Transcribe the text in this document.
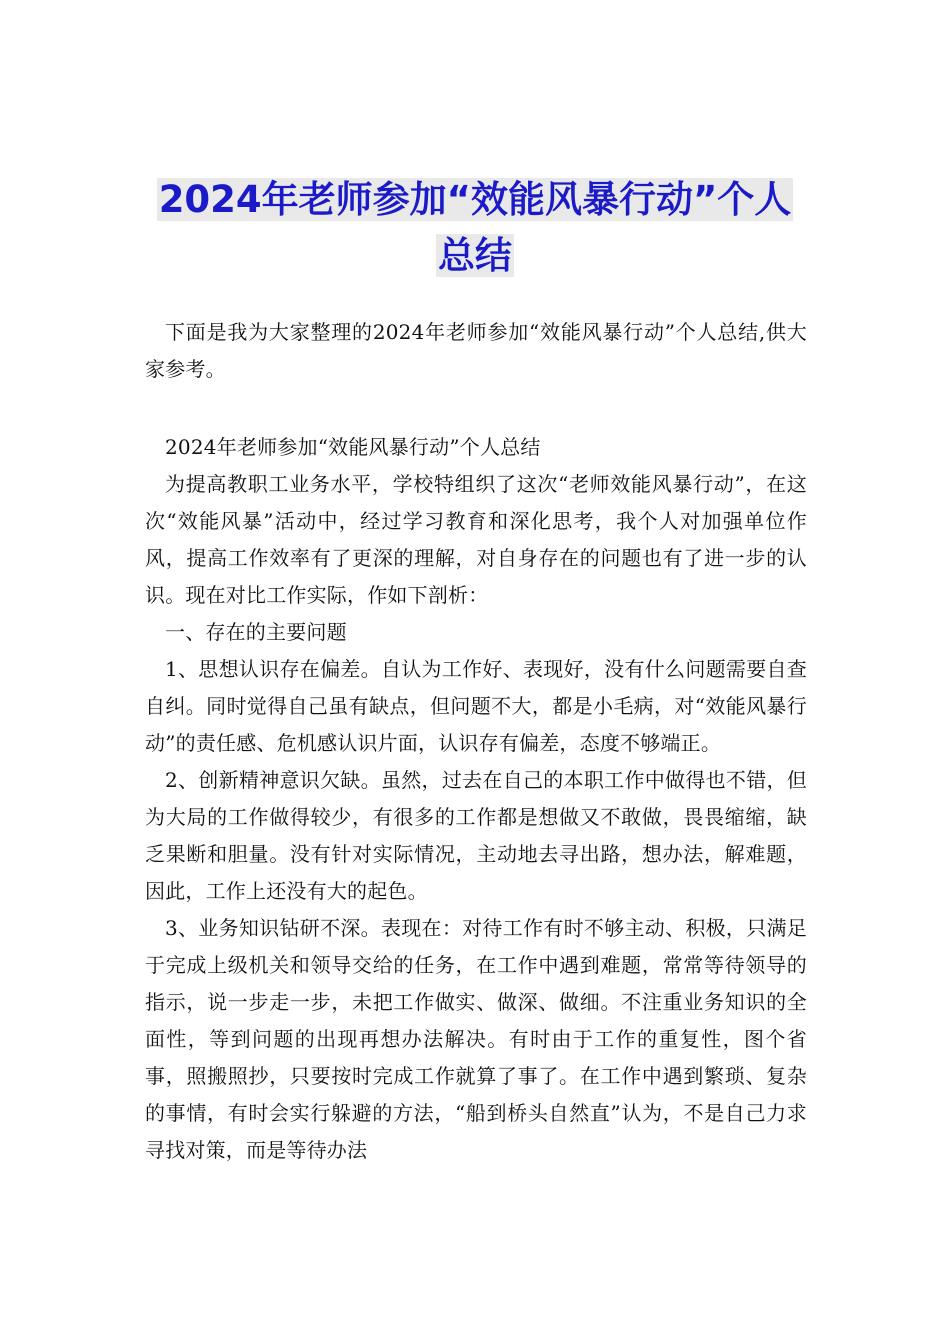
2024年老师参加“效能风暴行动”个人
总结

下面是我为大家整理的2024年老师参加“效能风暴行动”个人总结,供大家参考。

2024年老师参加“效能风暴行动”个人总结

为提高教职工业务水平，学校特组织了这次“老师效能风暴行动”，在这次“效能风暴”活动中，经过学习教育和深化思考，我个人对加强单位作风，提高工作效率有了更深的理解，对自身存在的问题也有了进一步的认识。现在对比工作实际，作如下剖析：

一、存在的主要问题

1、思想认识存在偏差。自认为工作好、表现好，没有什么问题需要自查自纠。同时觉得自己虽有缺点，但问题不大，都是小毛病，对“效能风暴行动”的责任感、危机感认识片面，认识存有偏差，态度不够端正。

2、创新精神意识欠缺。虽然，过去在自己的本职工作中做得也不错，但为大局的工作做得较少，有很多的工作都是想做又不敢做，畏畏缩缩，缺乏果断和胆量。没有针对实际情况，主动地去寻出路，想办法，解难题，因此，工作上还没有大的起色。

3、业务知识钻研不深。表现在：对待工作有时不够主动、积极，只满足于完成上级机关和领导交给的任务，在工作中遇到难题，常常等待领导的指示，说一步走一步，未把工作做实、做深、做细。不注重业务知识的全面性，等到问题的出现再想办法解决。有时由于工作的重复性，图个省事，照搬照抄，只要按时完成工作就算了事了。在工作中遇到繁琐、复杂的事情，有时会实行躲避的方法，“船到桥头自然直”认为，不是自己力求寻找对策，而是等待办法
